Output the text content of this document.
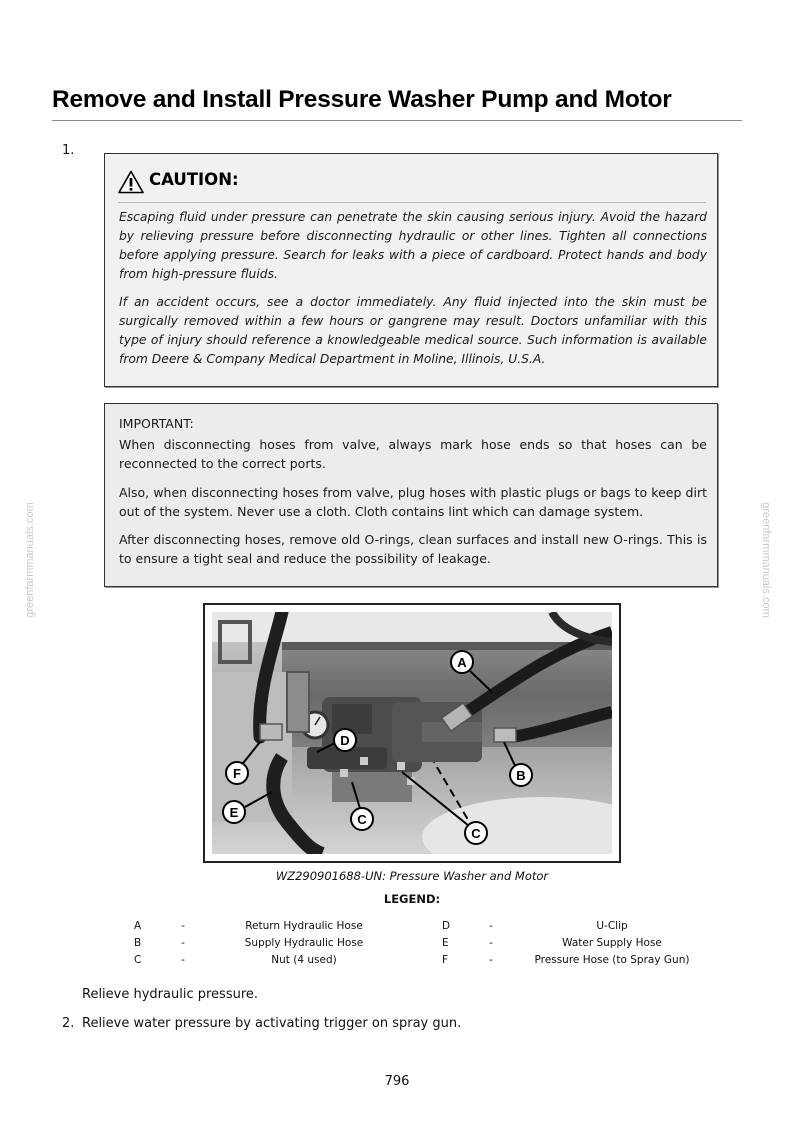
greenfarmmanuals.com	greenfarmmanuals.com
Remove and Install Pressure Washer Pump and Motor
1.
CAUTION:

Escaping fluid under pressure can penetrate the skin causing serious injury. Avoid the hazard by relieving pressure before disconnecting hydraulic or other lines. Tighten all connections before applying pressure. Search for leaks with a piece of cardboard. Protect hands and body from high-pressure fluids.

If an accident occurs, see a doctor immediately. Any fluid injected into the skin must be surgically removed within a few hours or gangrene may result. Doctors unfamiliar with this type of injury should reference a knowledgeable medical source. Such information is available from Deere & Company Medical Department in Moline, Illinois, U.S.A.

IMPORTANT:

When disconnecting hoses from valve, always mark hose ends so that hoses can be reconnected to the correct ports.

Also, when disconnecting hoses from valve, plug hoses with plastic plugs or bags to keep dirt out of the system. Never use a cloth. Cloth contains lint which can damage system.

After disconnecting hoses, remove old O-rings, clean surfaces and install new O-rings. This is to ensure a tight seal and reduce the possibility of leakage.

A
B
C
C
D
E
F
WZ290901688-UN: Pressure Washer and Motor
LEGEND:
A	-	Return Hydraulic Hose
B	-	Supply Hydraulic Hose
C	-	Nut (4 used)
D	-	U-Clip
E	-	Water Supply Hose
F	-	Pressure Hose (to Spray Gun)
Relieve hydraulic pressure.
2. Relieve water pressure by activating trigger on spray gun.
796
